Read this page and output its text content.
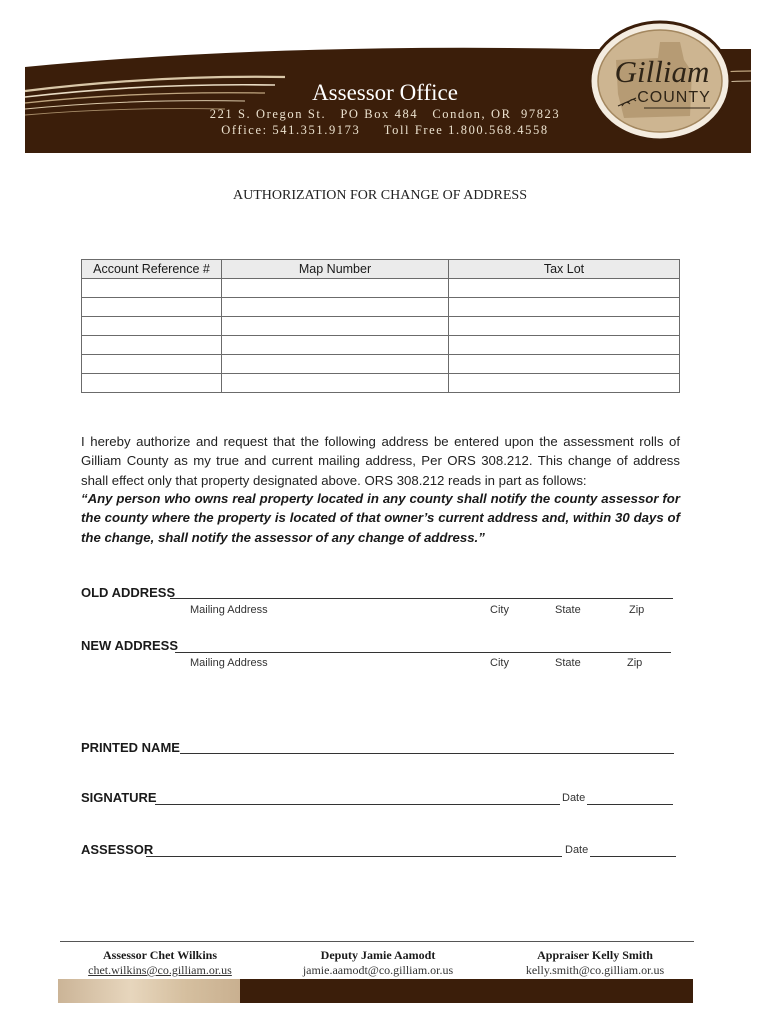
Assessor Office
221 S. Oregon St.   PO Box 484   Condon, OR  97823
Office: 541.351.9173     Toll Free 1.800.568.4558
Gilliam
COUNTY
AUTHORIZATION FOR CHANGE OF ADDRESS
Account Reference #	Map Number	Tax Lot

I hereby authorize and request that the following address be entered upon the assessment rolls of Gilliam County as my true and current mailing address, Per ORS 308.212. This change of address shall effect only that property designated above. ORS 308.212 reads in part as follows:
“Any person who owns real property located in any county shall notify the county assessor for the county where the property is located of that owner’s current address and, within 30 days of the change, shall notify the assessor of any change of address.”
OLD ADDRESS
Mailing Address	City	State	Zip
NEW ADDRESS
Mailing Address	City	State	Zip
PRINTED NAME
SIGNATURE	Date
ASSESSOR	Date
Assessor Chet Wilkins
chet.wilkins@co.gilliam.or.us
Deputy Jamie Aamodt
jamie.aamodt@co.gilliam.or.us
Appraiser Kelly Smith
kelly.smith@co.gilliam.or.us
